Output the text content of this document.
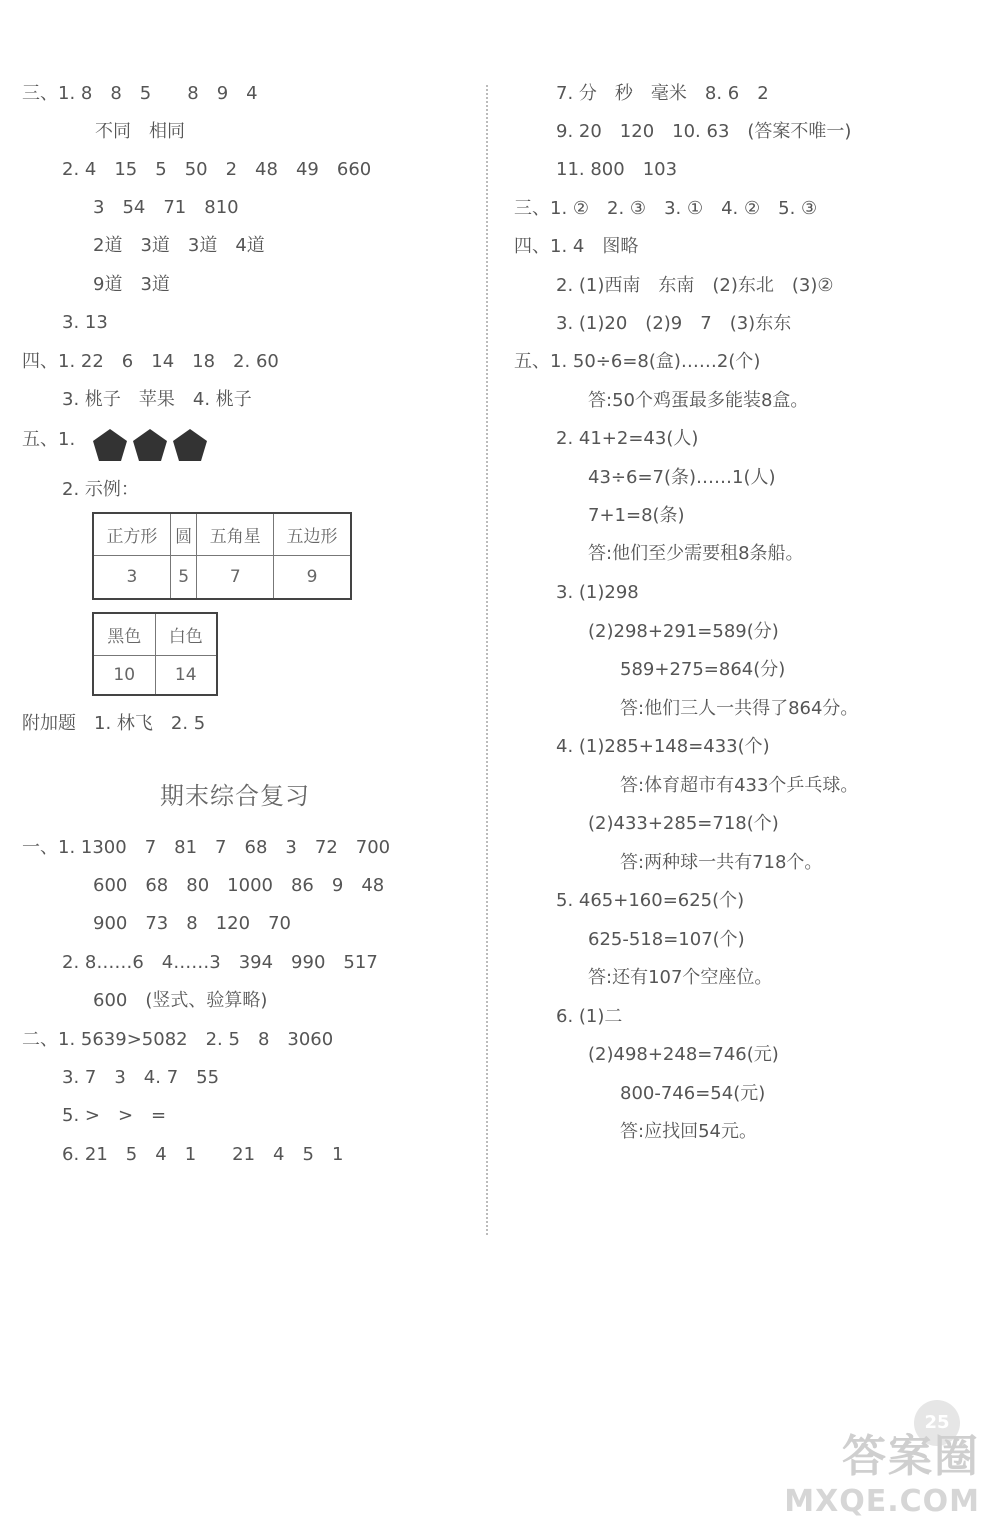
三、1. 8　8　5　　8　9　4
不同　相同
2. 4　15　5　50　2　48　49　660
3　54　71　810
2道　3道　3道　4道
9道　3道
3. 13
四、1. 22　6　14　18　2. 60
3. 桃子　苹果　4. 桃子
五、1.
2. 示例：
正方形	圆	五角星	五边形
3	5	7	9
黑色	白色
10	14
附加题　1. 林飞　2. 5
期末综合复习
一、1. 1300　7　81　7　68　3　72　700
600　68　80　1000　86　9　48
900　73　8　120　70
2. 8……6　4……3　394　990　517
600　(竖式、验算略)
二、1. 5639>5082　2. 5　8　3060
3. 7　3　4. 7　55
5. >　>　=
6. 21　5　4　1　　21　4　5　1
7. 分　秒　毫米　8. 6　2
9. 20　120　10. 63　(答案不唯一)
11. 800　103
三、1. ②　2. ③　3. ①　4. ②　5. ③
四、1. 4　图略
2. (1)西南　东南　(2)东北　(3)②
3. (1)20　(2)9　7　(3)东东
五、1. 50÷6=8(盒)……2(个)
答:50个鸡蛋最多能装8盒。
2. 41+2=43(人)
43÷6=7(条)……1(人)
7+1=8(条)
答:他们至少需要租8条船。
3. (1)298
(2)298+291=589(分)
589+275=864(分)
答:他们三人一共得了864分。
4. (1)285+148=433(个)
答:体育超市有433个乒乓球。
(2)433+285=718(个)
答:两种球一共有718个。
5. 465+160=625(个)
625-518=107(个)
答:还有107个空座位。
6. (1)二
(2)498+248=746(元)
800-746=54(元)
答:应找回54元。
25
答案圈
MXQE.COM
